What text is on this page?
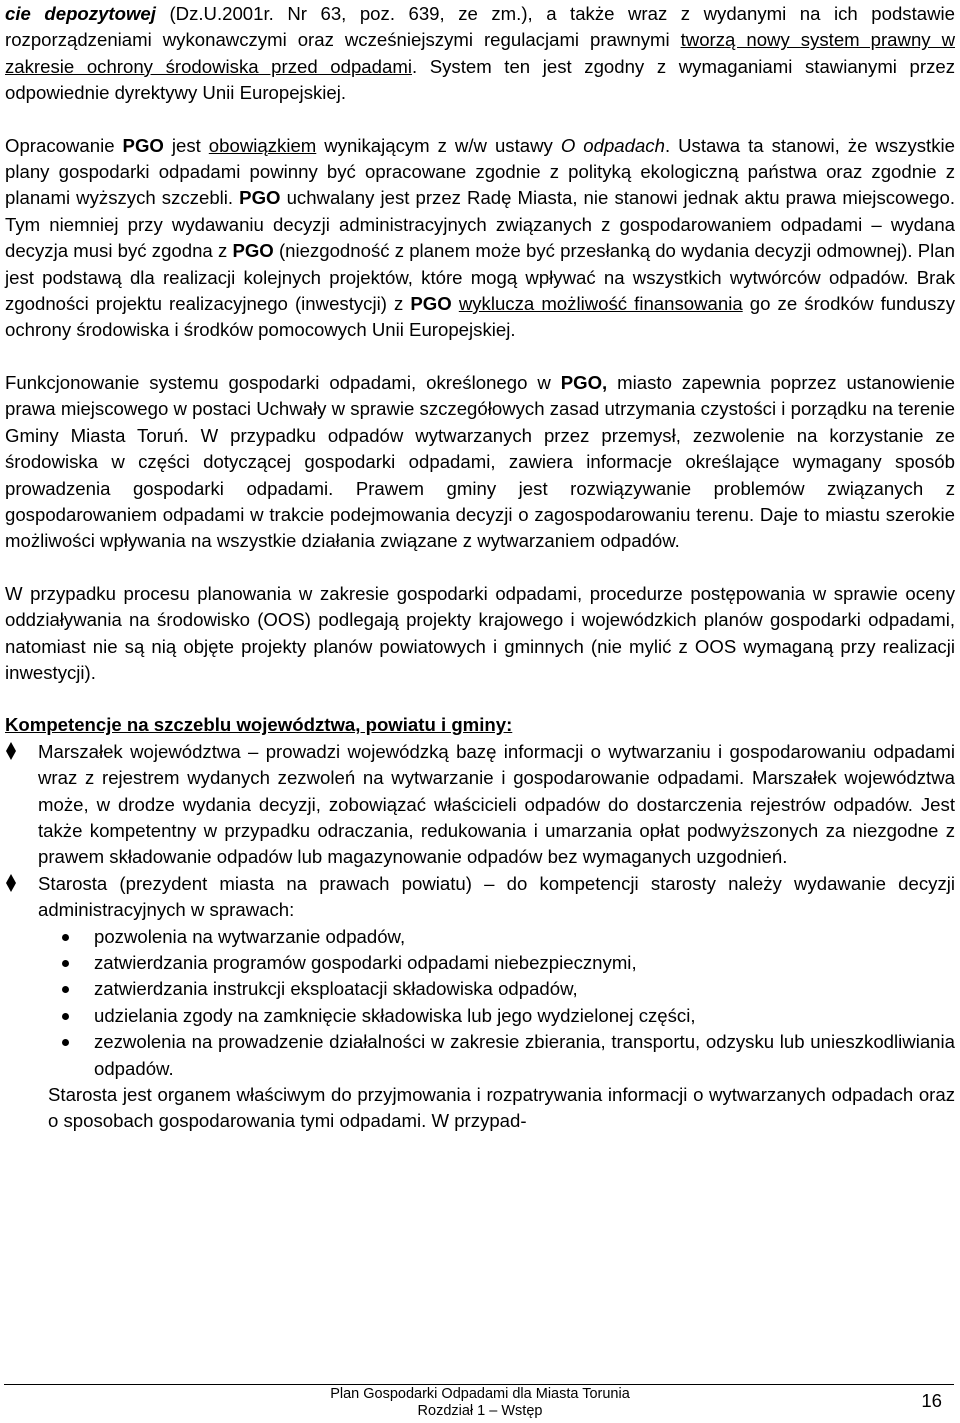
cie depozytowej (Dz.U.2001r. Nr 63, poz. 639, ze zm.), a także wraz z wydanymi na ich podstawie rozporządzeniami wykonawczymi oraz wcześniejszymi regulacjami prawnymi tworzą nowy system prawny w zakresie ochrony środowiska przed odpadami. System ten jest zgodny z wymaganiami stawianymi przez odpowiednie dyrektywy Unii Europejskiej.

Opracowanie PGO jest obowiązkiem wynikającym z w/w ustawy O odpadach. Ustawa ta stanowi, że wszystkie plany gospodarki odpadami powinny być opracowane zgodnie z polityką ekologiczną państwa oraz zgodnie z planami wyższych szczebli. PGO uchwalany jest przez Radę Miasta, nie stanowi jednak aktu prawa miejscowego. Tym niemniej przy wydawaniu decyzji administracyjnych związanych z gospodarowaniem odpadami – wydana decyzja musi być zgodna z PGO (niezgodność z planem może być przesłanką do wydania decyzji odmownej). Plan jest podstawą dla realizacji kolejnych projektów, które mogą wpływać na wszystkich wytwórców odpadów. Brak zgodności projektu realizacyjnego (inwestycji) z PGO wyklucza możliwość finansowania go ze środków funduszy ochrony środowiska i środków pomocowych Unii Europejskiej.

Funkcjonowanie systemu gospodarki odpadami, określonego w PGO, miasto zapewnia poprzez ustanowienie prawa miejscowego w postaci Uchwały w sprawie szczegółowych zasad utrzymania czystości i porządku na terenie Gminy Miasta Toruń. W przypadku odpadów wytwarzanych przez przemysł, zezwolenie na korzystanie ze środowiska w części dotyczącej gospodarki odpadami, zawiera informacje określające wymagany sposób prowadzenia gospodarki odpadami. Prawem gminy jest rozwiązywanie problemów związanych z gospodarowaniem odpadami w trakcie podejmowania decyzji o zagospodarowaniu terenu. Daje to miastu szerokie możliwości wpływania na wszystkie działania związane z wytwarzaniem odpadów.

W przypadku procesu planowania w zakresie gospodarki odpadami, procedurze postępowania w sprawie oceny oddziaływania na środowisko (OOS) podlegają projekty krajowego i wojewódzkich planów gospodarki odpadami, natomiast nie są nią objęte projekty planów powiatowych i gminnych (nie mylić z OOS wymaganą przy realizacji inwestycji).

Kompetencje na szczeblu województwa, powiatu i gminy:

Marszałek województwa – prowadzi wojewódzką bazę informacji o wytwarzaniu i gospodarowaniu odpadami wraz z rejestrem wydanych zezwoleń na wytwarzanie i gospodarowanie odpadami. Marszałek województwa może, w drodze wydania decyzji, zobowiązać właścicieli odpadów do dostarczenia rejestrów odpadów. Jest także kompetentny w przypadku odraczania, redukowania i umarzania opłat podwyższonych za niezgodne z prawem składowanie odpadów lub magazynowanie odpadów bez wymaganych uzgodnień.

Starosta (prezydent miasta na prawach powiatu) – do kompetencji starosty należy wydawanie decyzji administracyjnych w sprawach:

pozwolenia na wytwarzanie odpadów,
zatwierdzania programów gospodarki odpadami niebezpiecznymi,
zatwierdzania instrukcji eksploatacji składowiska odpadów,
udzielania zgody na zamknięcie składowiska lub jego wydzielonej części,
zezwolenia na prowadzenie działalności w zakresie zbierania, transportu, odzysku lub unieszkodliwiania odpadów.

Starosta jest organem właściwym do przyjmowania i rozpatrywania informacji o wytwarzanych odpadach oraz o sposobach gospodarowania tymi odpadami. W przypad-

Plan Gospodarki Odpadami dla Miasta Torunia
Rozdział 1 – Wstęp	16
